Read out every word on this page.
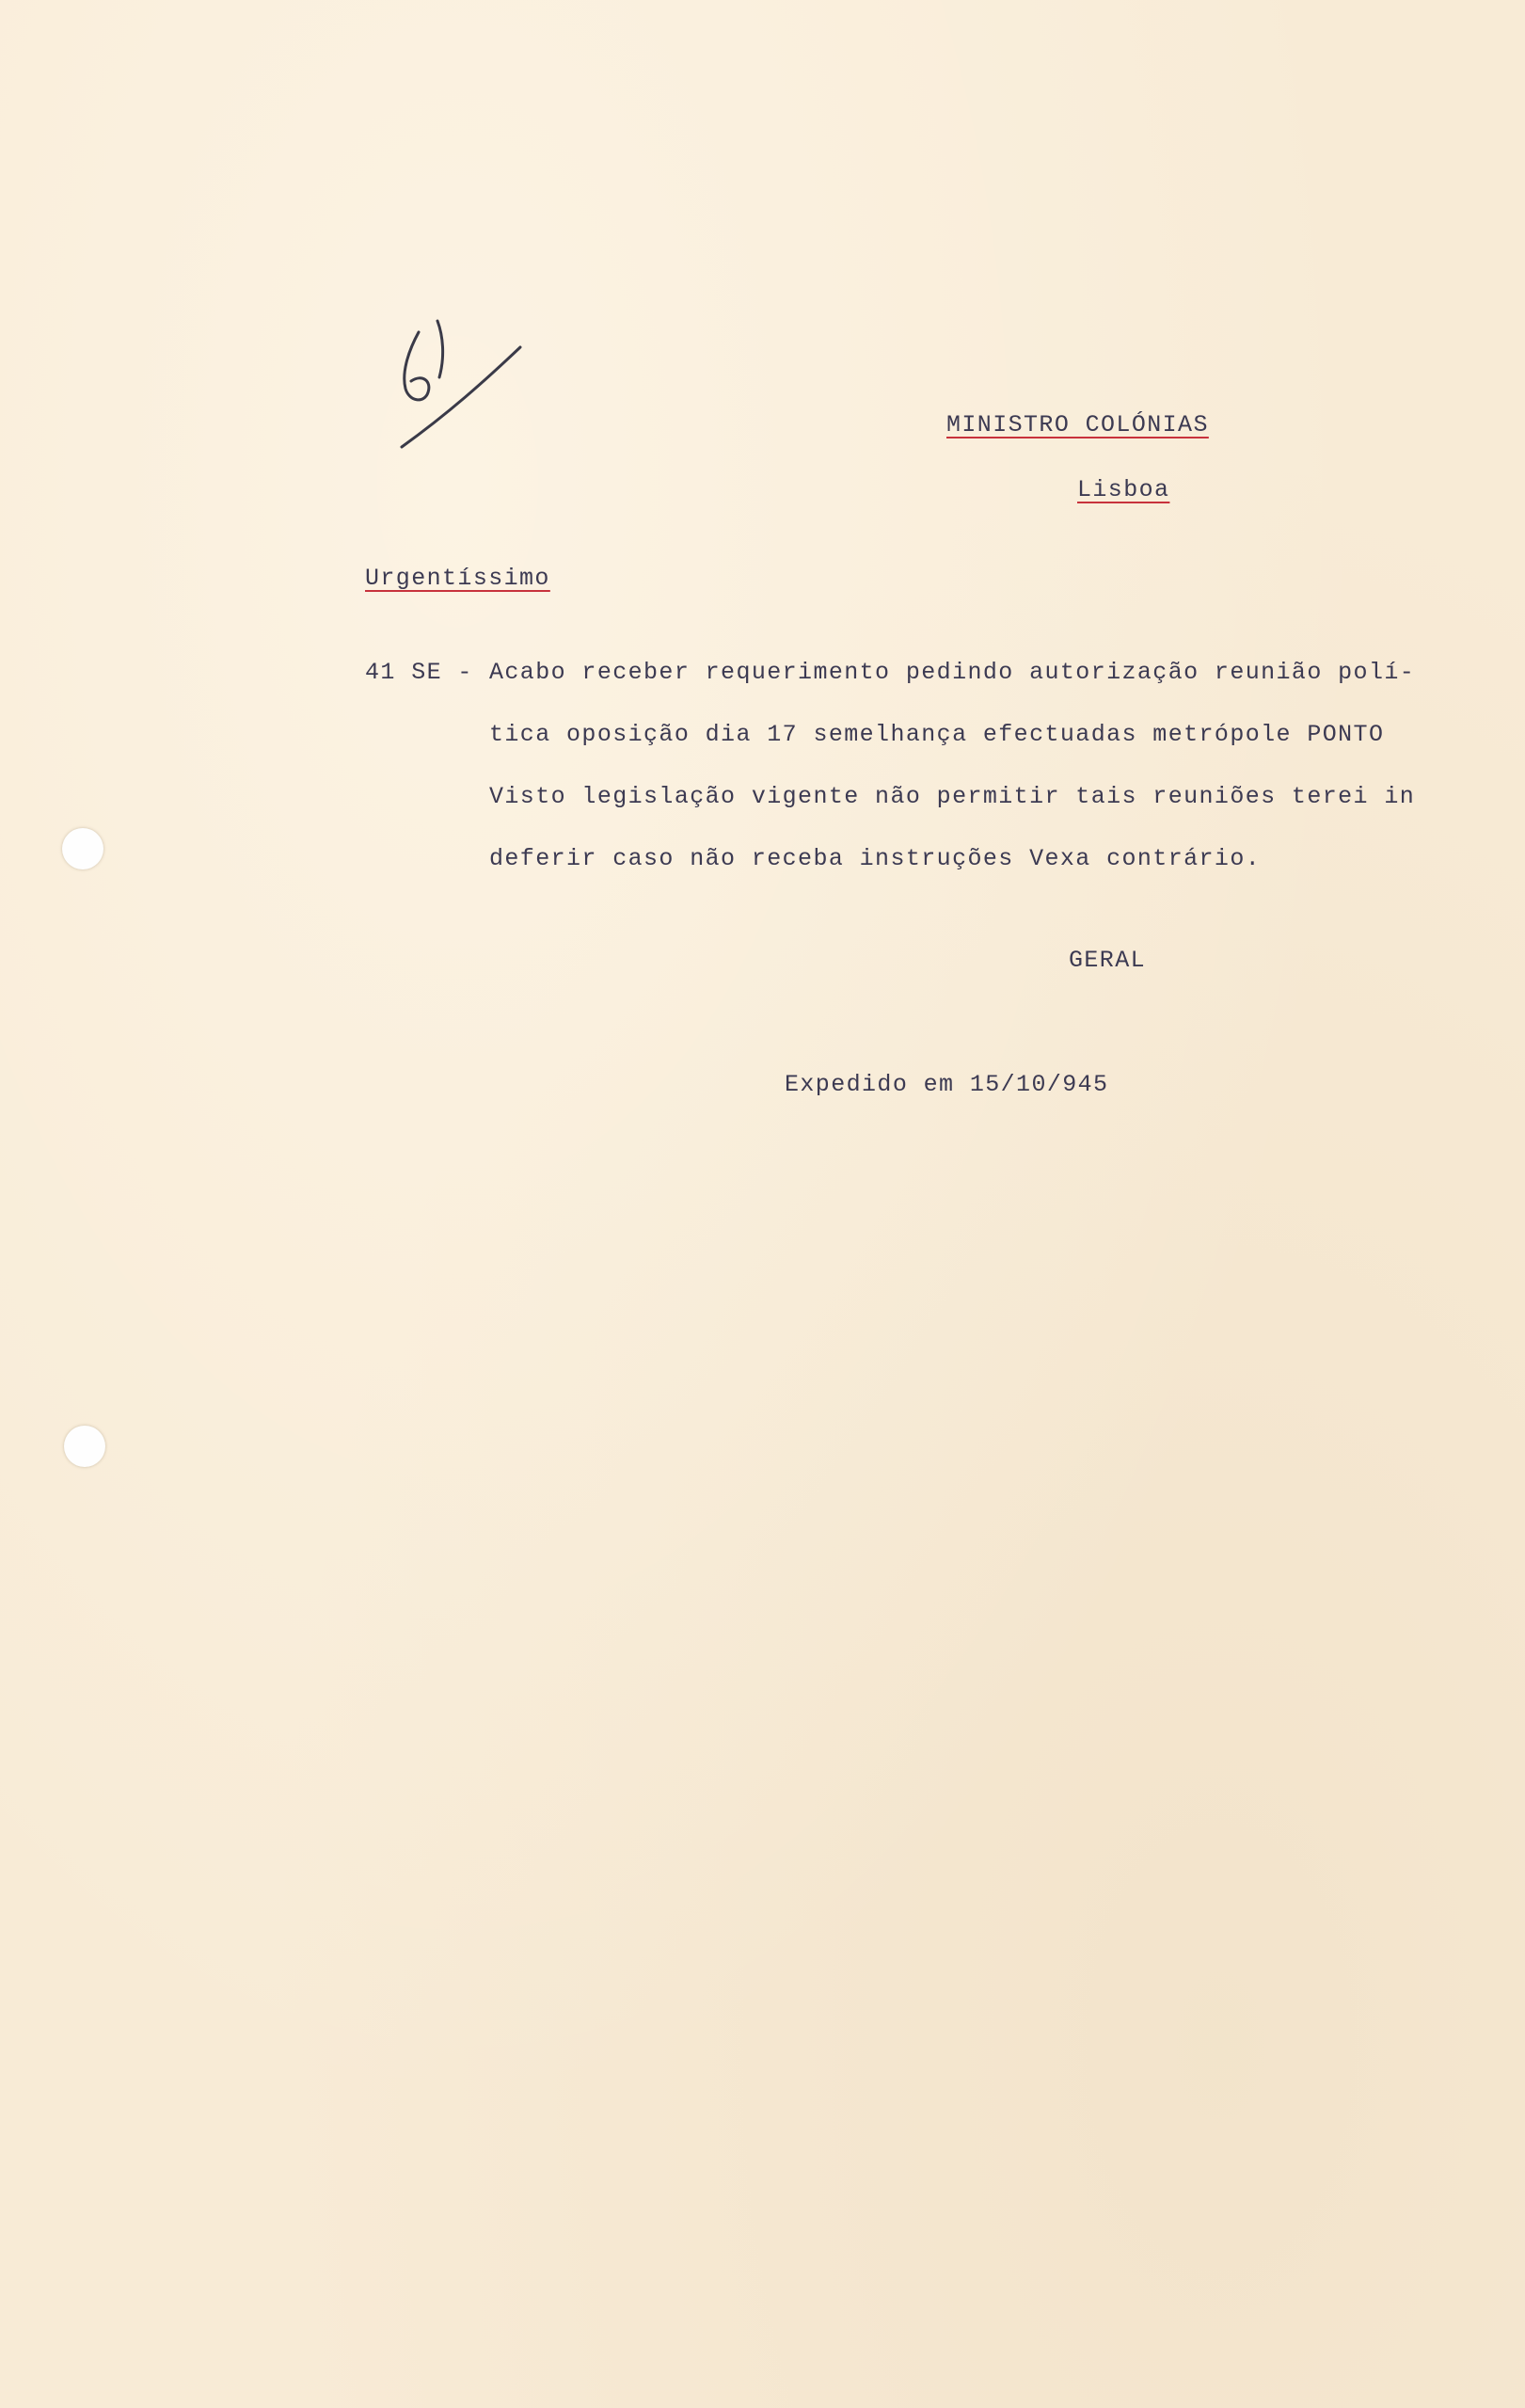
MINISTRO COLÓNIAS
Lisboa
Urgentíssimo
41 SE - Acabo receber requerimento pedindo autorização reunião polí-
tica oposição dia 17 semelhança efectuadas metrópole PONTO
Visto legislação vigente não permitir tais reuniões terei in
deferir caso não receba instruções Vexa contrário.
GERAL
Expedido em 15/10/945
